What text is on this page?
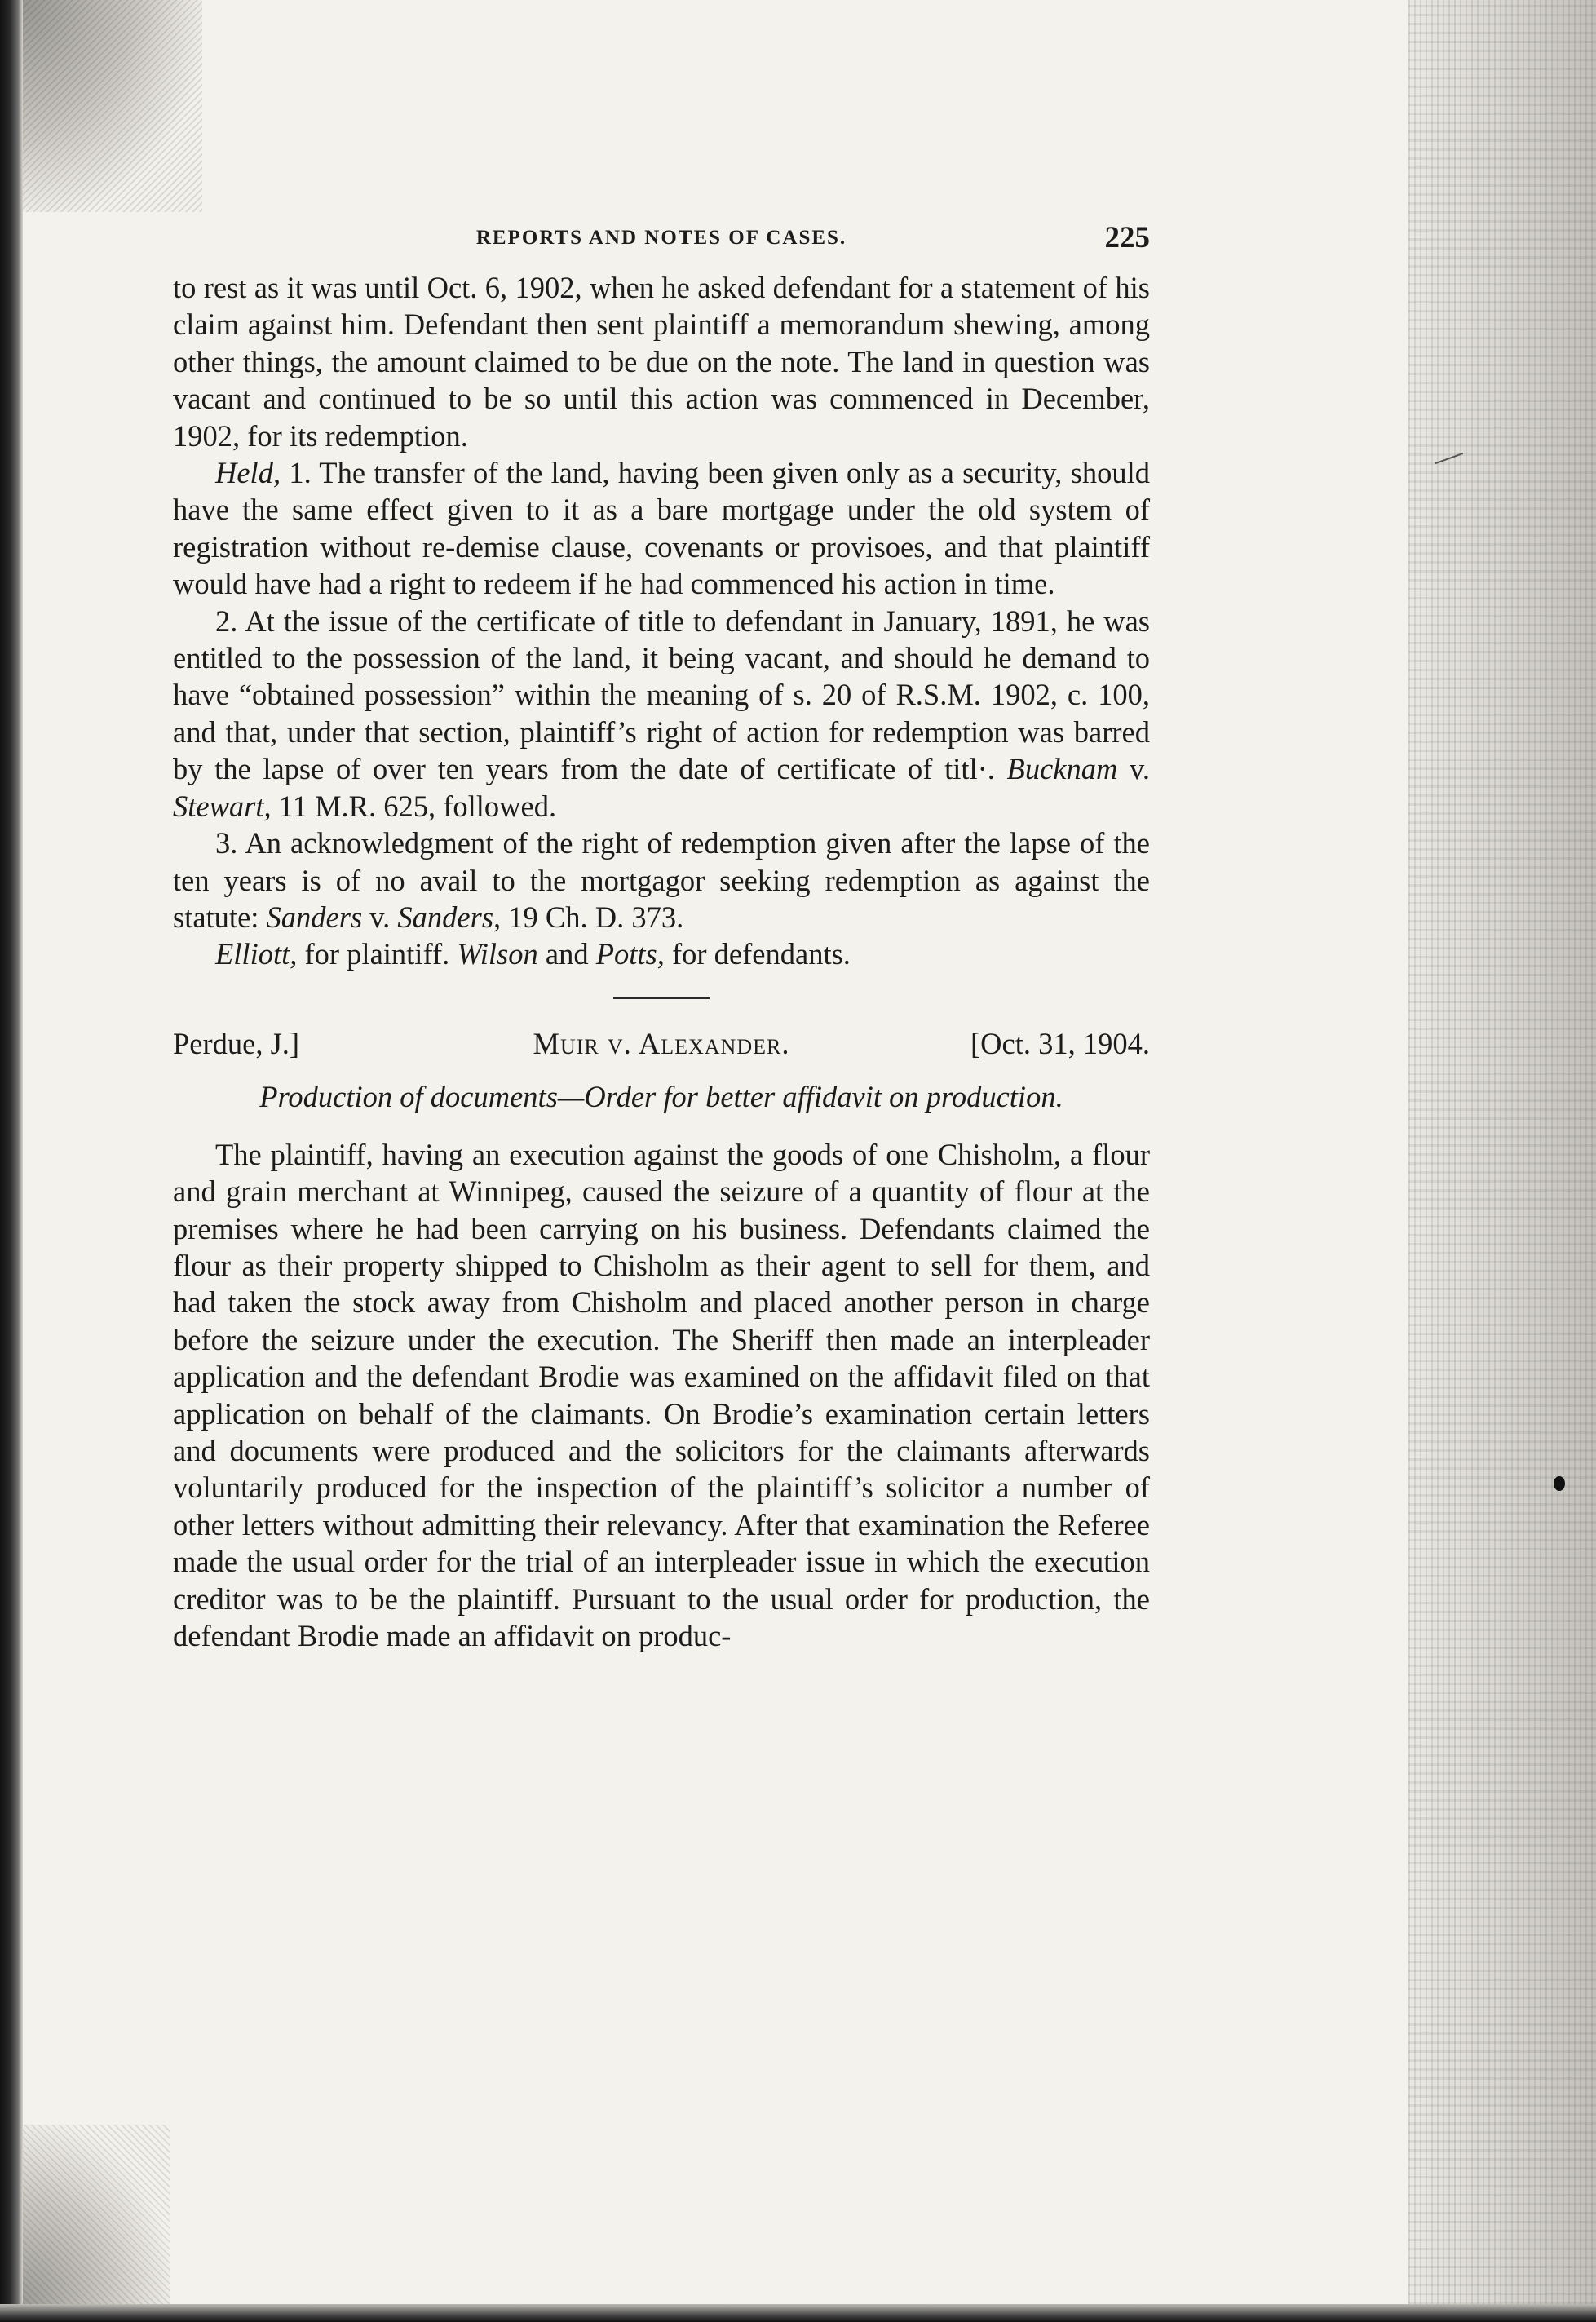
REPORTS AND NOTES OF CASES.	225

to rest as it was until Oct. 6, 1902, when he asked defendant for a statement of his claim against him. Defendant then sent plaintiff a memorandum shewing, among other things, the amount claimed to be due on the note. The land in question was vacant and continued to be so until this action was commenced in December, 1902, for its redemption.

Held, 1. The transfer of the land, having been given only as a security, should have the same effect given to it as a bare mortgage under the old system of registration without re-demise clause, covenants or provisoes, and that plaintiff would have had a right to redeem if he had commenced his action in time.

2. At the issue of the certificate of title to defendant in January, 1891, he was entitled to the possession of the land, it being vacant, and should he demand to have “obtained possession” within the meaning of s. 20 of R.S.M. 1902, c. 100, and that, under that section, plaintiff’s right of action for redemption was barred by the lapse of over ten years from the date of certificate of titl·. Bucknam v. Stewart, 11 M.R. 625, followed.

3. An acknowledgment of the right of redemption given after the lapse of the ten years is of no avail to the mortgagor seeking redemption as against the statute: Sanders v. Sanders, 19 Ch. D. 373.

Elliott, for plaintiff. Wilson and Potts, for defendants.

Perdue, J.]	Muir v. Alexander.	[Oct. 31, 1904.
Production of documents—Order for better affidavit on production.

The plaintiff, having an execution against the goods of one Chisholm, a flour and grain merchant at Winnipeg, caused the seizure of a quantity of flour at the premises where he had been carrying on his business. Defendants claimed the flour as their property shipped to Chisholm as their agent to sell for them, and had taken the stock away from Chisholm and placed another person in charge before the seizure under the execution. The Sheriff then made an interpleader application and the defendant Brodie was examined on the affidavit filed on that application on behalf of the claimants. On Brodie’s examination certain letters and documents were produced and the solicitors for the claimants afterwards voluntarily produced for the inspection of the plaintiff’s solicitor a number of other letters without admitting their relevancy. After that examination the Referee made the usual order for the trial of an interpleader issue in which the execution creditor was to be the plaintiff. Pursuant to the usual order for production, the defendant Brodie made an affidavit on produc-
